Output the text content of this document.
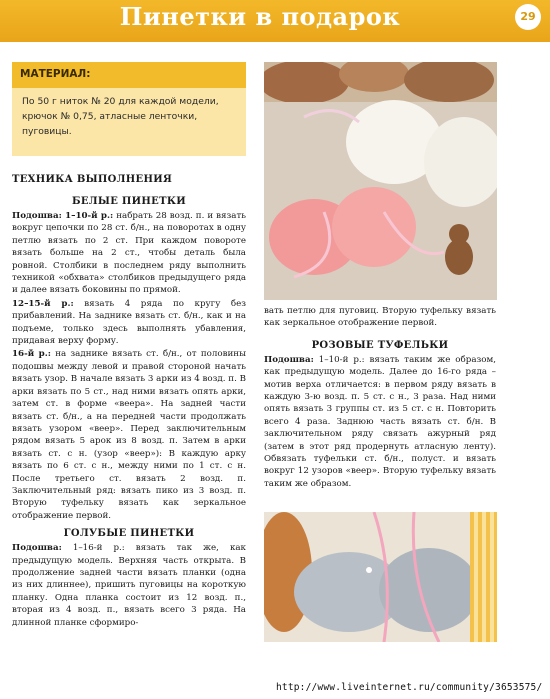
Пинетки в подарок	29
МАТЕРИАЛ:
По 50 г ниток № 20 для каждой модели, крючок № 0,75, атласные ленточки, пуговицы.
ТЕХНИКА ВЫПОЛНЕНИЯ
БЕЛЫЕ ПИНЕТКИ

Подошва: 1–10-й р.: набрать 28 возд. п. и вязать вокруг цепочки по 28 ст. б/н., на поворотах в одну петлю вязать по 2 ст. При каждом повороте вязать больше на 2 ст., чтобы деталь была ровной. Столбики в последнем ряду выполнить техникой «обхвата» столбиков предыдущего ряда и далее вязать боковины по прямой.

12–15-й р.: вязать 4 ряда по кругу без прибавлений. На заднике вязать ст. б/н., как и на подъеме, только здесь выполнять убавления, придавая верху форму.

16-й р.: на заднике вязать ст. б/н., от половины подошвы между левой и правой стороной начать вязать узор. В начале вязать 3 арки из 4 возд. п. В арки вязать по 5 ст., над ними вязать опять арки, затем ст. в форме «веера». На задней части вязать ст. б/н., а на передней части продолжать вязать узором «веер». Перед заключительным рядом вязать 5 арок из 8 возд. п. Затем в арки вязать ст. с н. (узор «веер»): В каждую арку вязать по 6 ст. с н., между ними по 1 ст. с н. После третьего ст. вязать 2 возд. п. Заключительный ряд: вязать пико из 3 возд. п. Вторую туфельку вязать как зеркальное отображение первой.

ГОЛУБЫЕ ПИНЕТКИ

Подошва: 1–16-й р.: вязать так же, как предыдущую модель. Верхняя часть открыта. В продолжение задней части вязать планки (одна из них длиннее), пришить пуговицы на короткую планку. Одна планка состоит из 12 возд. п., вторая из 4 возд. п., вязать всего 3 ряда. На длинной планке сформиро-

вать петлю для пуговиц. Вторую туфельку вязать как зеркальное отображение первой.

РОЗОВЫЕ ТУФЕЛЬКИ

Подошва: 1–10-й р.: вязать таким же образом, как предыдущую модель. Далее до 16-го ряда – мотив верха отличается: в первом ряду вязать в каждую 3-ю возд. п. 5 ст. с н., 3 раза. Над ними опять вязать 3 группы ст. из 5 ст. с н. Повторить всего 4 раза. Заднюю часть вязать ст. б/н. В заключительном ряду связать ажурный ряд (затем в этот ряд продернуть атласную ленту). Обвязать туфельки ст. б/н., полуст. и вязать вокруг 12 узоров «веер». Вторую туфельку вязать таким же образом.

http://www.liveinternet.ru/community/3653575/
